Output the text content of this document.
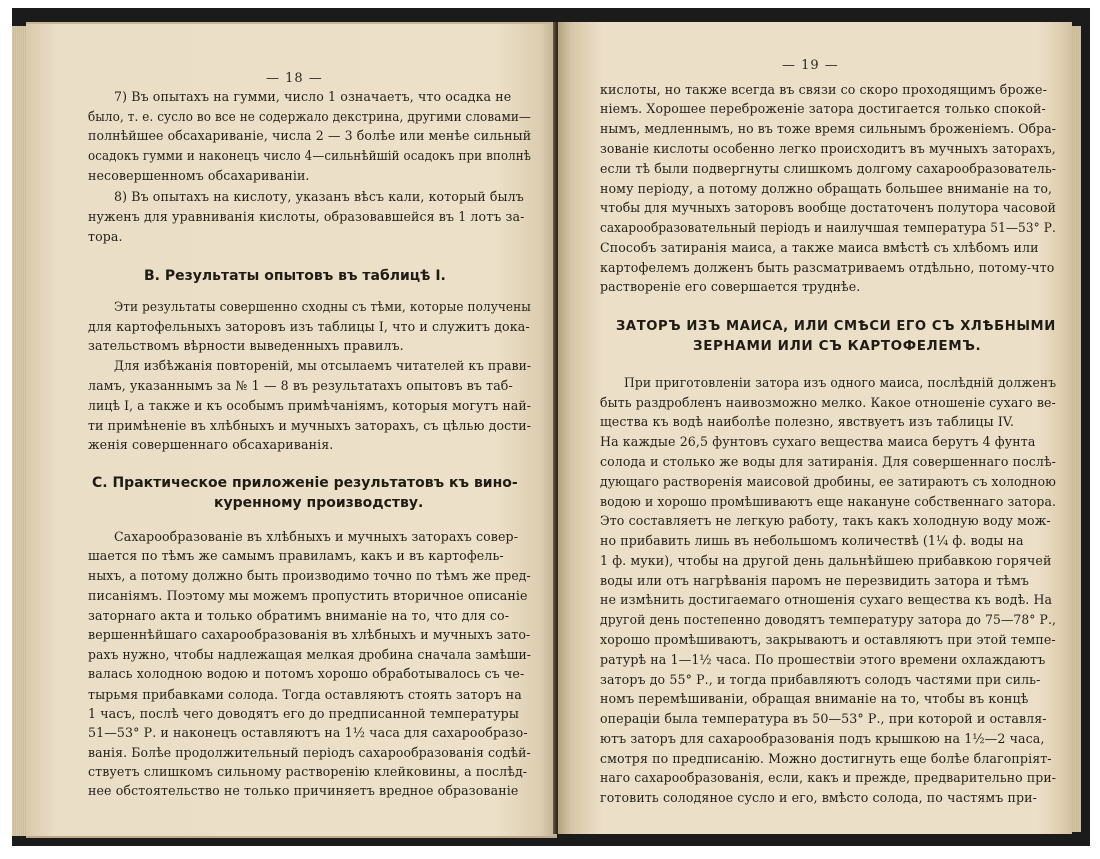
— 18 —
7) Въ опытахъ на гумми, число 1 означаетъ, что осадка не
было, т. е. сусло во все не содержало декстрина, другими словами—
полнѣйшее обсахариваніе, числа 2 — 3 болѣе или менѣе сильный
осадокъ гумми и наконецъ число 4—сильнѣйшій осадокъ при вполнѣ
несовершенномъ обсахариваніи.
8) Въ опытахъ на кислоту, указанъ вѣсъ кали, который былъ
нуженъ для уравниванія кислоты, образовавшейся въ 1 лотъ за-
тора.
В. Результаты опытовъ въ таблицѣ I.
Эти результаты совершенно сходны съ тѣми, которые получены
для картофельныхъ заторовъ изъ таблицы I, что и служитъ дока-
зательствомъ вѣрности выведенныхъ правилъ.
Для избѣжанія повтореній, мы отсылаемъ читателей къ прави-
ламъ, указаннымъ за № 1 — 8 въ результатахъ опытовъ въ таб-
лицѣ I, а также и къ особымъ примѣчаніямъ, которыя могутъ най-
ти примѣненіе въ хлѣбныхъ и мучныхъ заторахъ, съ цѣлью дости-
женія совершеннаго обсахариванія.
С. Практическое приложеніе результатовъ къ вино-
куренному производству.
Сахарообразованіе въ хлѣбныхъ и мучныхъ заторахъ совер-
шается по тѣмъ же самымъ правиламъ, какъ и въ картофель-
ныхъ, а потому должно быть производимо точно по тѣмъ же пред-
писаніямъ. Поэтому мы можемъ пропустить вторичное описаніе
заторнаго акта и только обратимъ вниманіе на то, что для со-
вершеннѣйшаго сахарообразованія въ хлѣбныхъ и мучныхъ зато-
рахъ нужно, чтобы надлежащая мелкая дробина сначала замѣши-
валась холодною водою и потомъ хорошо обработывалось съ че-
тырьмя прибавками солода. Тогда оставляютъ стоять заторъ на
1 часъ, послѣ чего доводятъ его до предписанной температуры
51—53° Р. и наконецъ оставляютъ на 1½ часа для сахарообразо-
ванія. Болѣе продолжительный періодъ сахарообразованія содѣй-
ствуетъ слишкомъ сильному растворенію клейковины, а послѣд-
нее обстоятельство не только причиняетъ вредное образованіе
— 19 —
кислоты, но также всегда въ связи со скоро проходящимъ броже-
ніемъ. Хорошее переброженіе затора достигается только спокой-
нымъ, медленнымъ, но въ тоже время сильнымъ броженіемъ. Обра-
зованіе кислоты особенно легко происходитъ въ мучныхъ заторахъ,
если тѣ были подвергнуты слишкомъ долгому сахарообразователь-
ному періоду, а потому должно обращать большее вниманіе на то,
чтобы для мучныхъ заторовъ вообще достаточенъ полутора часовой
сахарообразовательный періодъ и наилучшая температура 51—53° Р.
Способъ затиранія маиса, а также маиса вмѣстѣ съ хлѣбомъ или
картофелемъ долженъ быть разсматриваемъ отдѣльно, потому-что
раствореніе его совершается труднѣе.
ЗАТОРЪ ИЗЪ МАИСА, ИЛИ СМѢСИ ЕГО СЪ ХЛѢБНЫМИ
ЗЕРНАМИ ИЛИ СЪ КАРТОФЕЛЕМЪ.
При приготовленіи затора изъ одного маиса, послѣдній долженъ
быть раздробленъ наивозможно мелко. Какое отношеніе сухаго ве-
щества къ водѣ наиболѣе полезно, явствуетъ изъ таблицы IV.
На каждые 26,5 фунтовъ сухаго вещества маиса берутъ 4 фунта
солода и столько же воды для затиранія. Для совершеннаго послѣ-
дующаго растворенія маисовой дробины, ее затираютъ съ холодною
водою и хорошо промѣшиваютъ еще накануне собственнаго затора.
Это составляетъ не легкую работу, такъ какъ холодную воду мож-
но прибавить лишь въ небольшомъ количествѣ (1¼ ф. воды на
1 ф. муки), чтобы на другой день дальнѣйшею прибавкою горячей
воды или отъ нагрѣванія паромъ не перезвидить затора и тѣмъ
не измѣнить достигаемаго отношенія сухаго вещества къ водѣ. На
другой день постепенно доводятъ температуру затора до 75—78° Р.,
хорошо промѣшиваютъ, закрываютъ и оставляютъ при этой темпе-
ратурѣ на 1—1½ часа. По прошествіи этого времени охлаждаютъ
заторъ до 55° Р., и тогда прибавляютъ солодъ частями при силь-
номъ перемѣшиваніи, обращая вниманіе на то, чтобы въ концѣ
операціи была температура въ 50—53° Р., при которой и оставля-
ютъ заторъ для сахарообразованія подъ крышкою на 1½—2 часа,
смотря по предписанію. Можно достигнуть еще болѣе благопріят-
наго сахарообразованія, если, какъ и прежде, предварительно при-
готовить солодяное сусло и его, вмѣсто солода, по частямъ при-
